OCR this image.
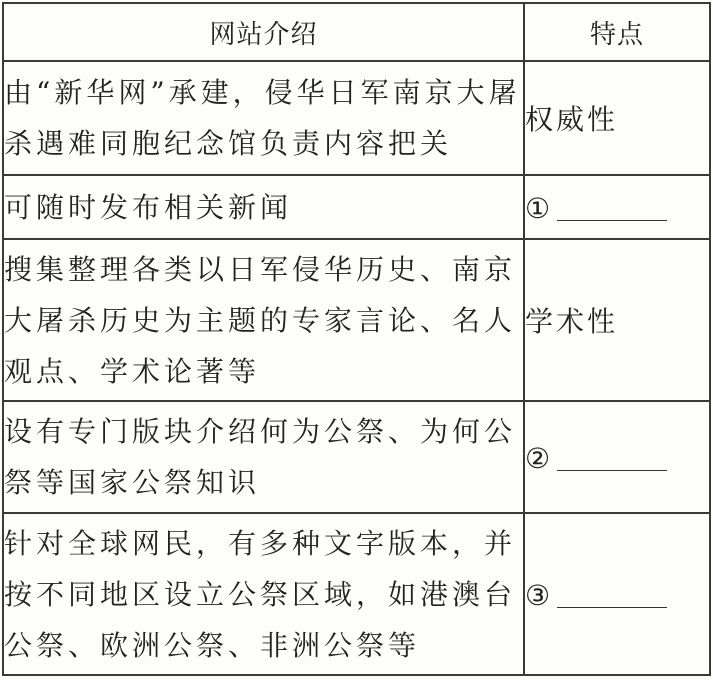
网站介绍	特点
由“新华网”承建，侵华日军南京大屠杀遇难同胞纪念馆负责内容把关	权威性
可随时发布相关新闻	①
搜集整理各类以日军侵华历史、南京大屠杀历史为主题的专家言论、名人观点、学术论著等	学术性
设有专门版块介绍何为公祭、为何公祭等国家公祭知识	②
针对全球网民，有多种文字版本，并按不同地区设立公祭区域，如港澳台公祭、欧洲公祭、非洲公祭等	③
